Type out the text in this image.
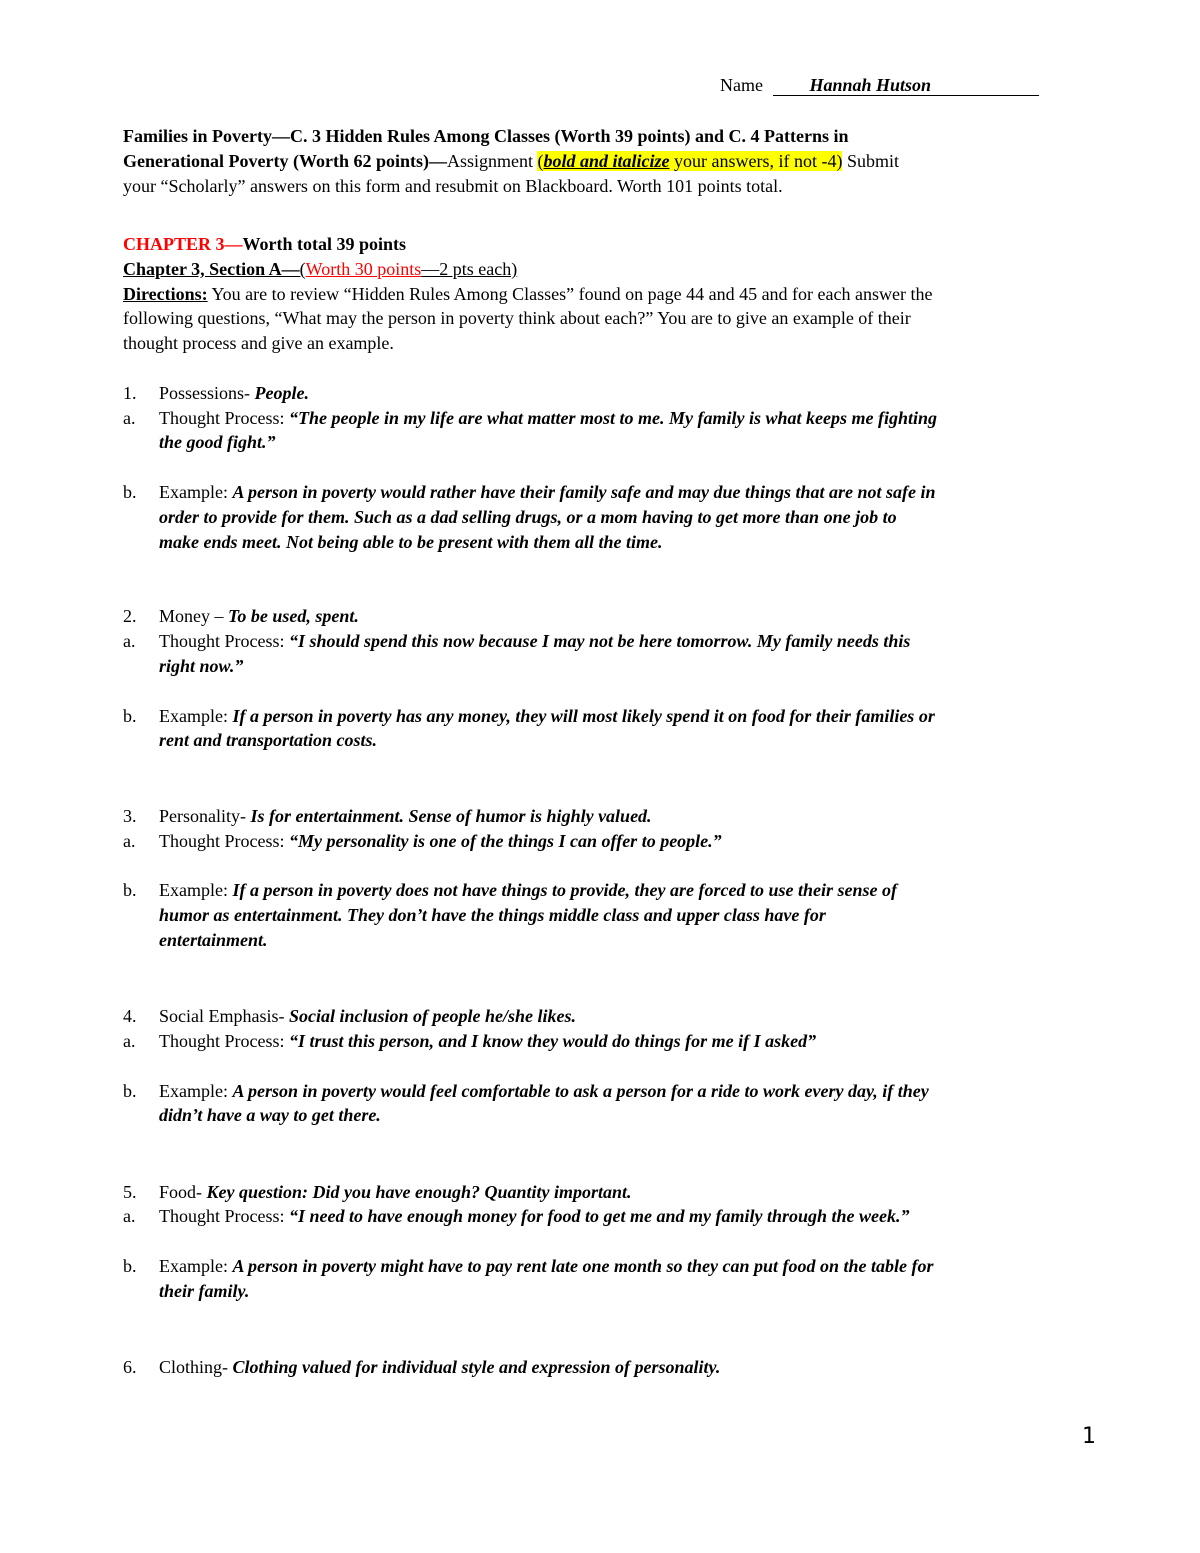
Name	Hannah Hutson
Families in Poverty—C. 3 Hidden Rules Among Classes (Worth 39 points) and C. 4 Patterns in
Generational Poverty (Worth 62 points)—Assignment (bold and italicize your answers, if not -4) Submit
your “Scholarly” answers on this form and resubmit on Blackboard. Worth 101 points total.
CHAPTER 3—Worth total 39 points
Chapter 3, Section A—(Worth 30 points—2 pts each)
Directions: You are to review “Hidden Rules Among Classes” found on page 44 and 45 and for each answer the
following questions, “What may the person in poverty think about each?” You are to give an example of their
thought process and give an example.
1. Possessions- People.
a. Thought Process: “The people in my life are what matter most to me. My family is what keeps me fighting
the good fight.”
b. Example: A person in poverty would rather have their family safe and may due things that are not safe in
order to provide for them. Such as a dad selling drugs, or a mom having to get more than one job to
make ends meet. Not being able to be present with them all the time.
2. Money – To be used, spent.
a. Thought Process: “I should spend this now because I may not be here tomorrow. My family needs this
right now.”
b. Example: If a person in poverty has any money, they will most likely spend it on food for their families or
rent and transportation costs.
3. Personality- Is for entertainment. Sense of humor is highly valued.
a. Thought Process: “My personality is one of the things I can offer to people.”
b. Example: If a person in poverty does not have things to provide, they are forced to use their sense of
humor as entertainment. They don’t have the things middle class and upper class have for
entertainment.
4. Social Emphasis- Social inclusion of people he/she likes.
a. Thought Process: “I trust this person, and I know they would do things for me if I asked”
b. Example: A person in poverty would feel comfortable to ask a person for a ride to work every day, if they
didn’t have a way to get there.
5. Food- Key question: Did you have enough? Quantity important.
a. Thought Process: “I need to have enough money for food to get me and my family through the week.”
b. Example: A person in poverty might have to pay rent late one month so they can put food on the table for
their family.
6. Clothing- Clothing valued for individual style and expression of personality.
1
